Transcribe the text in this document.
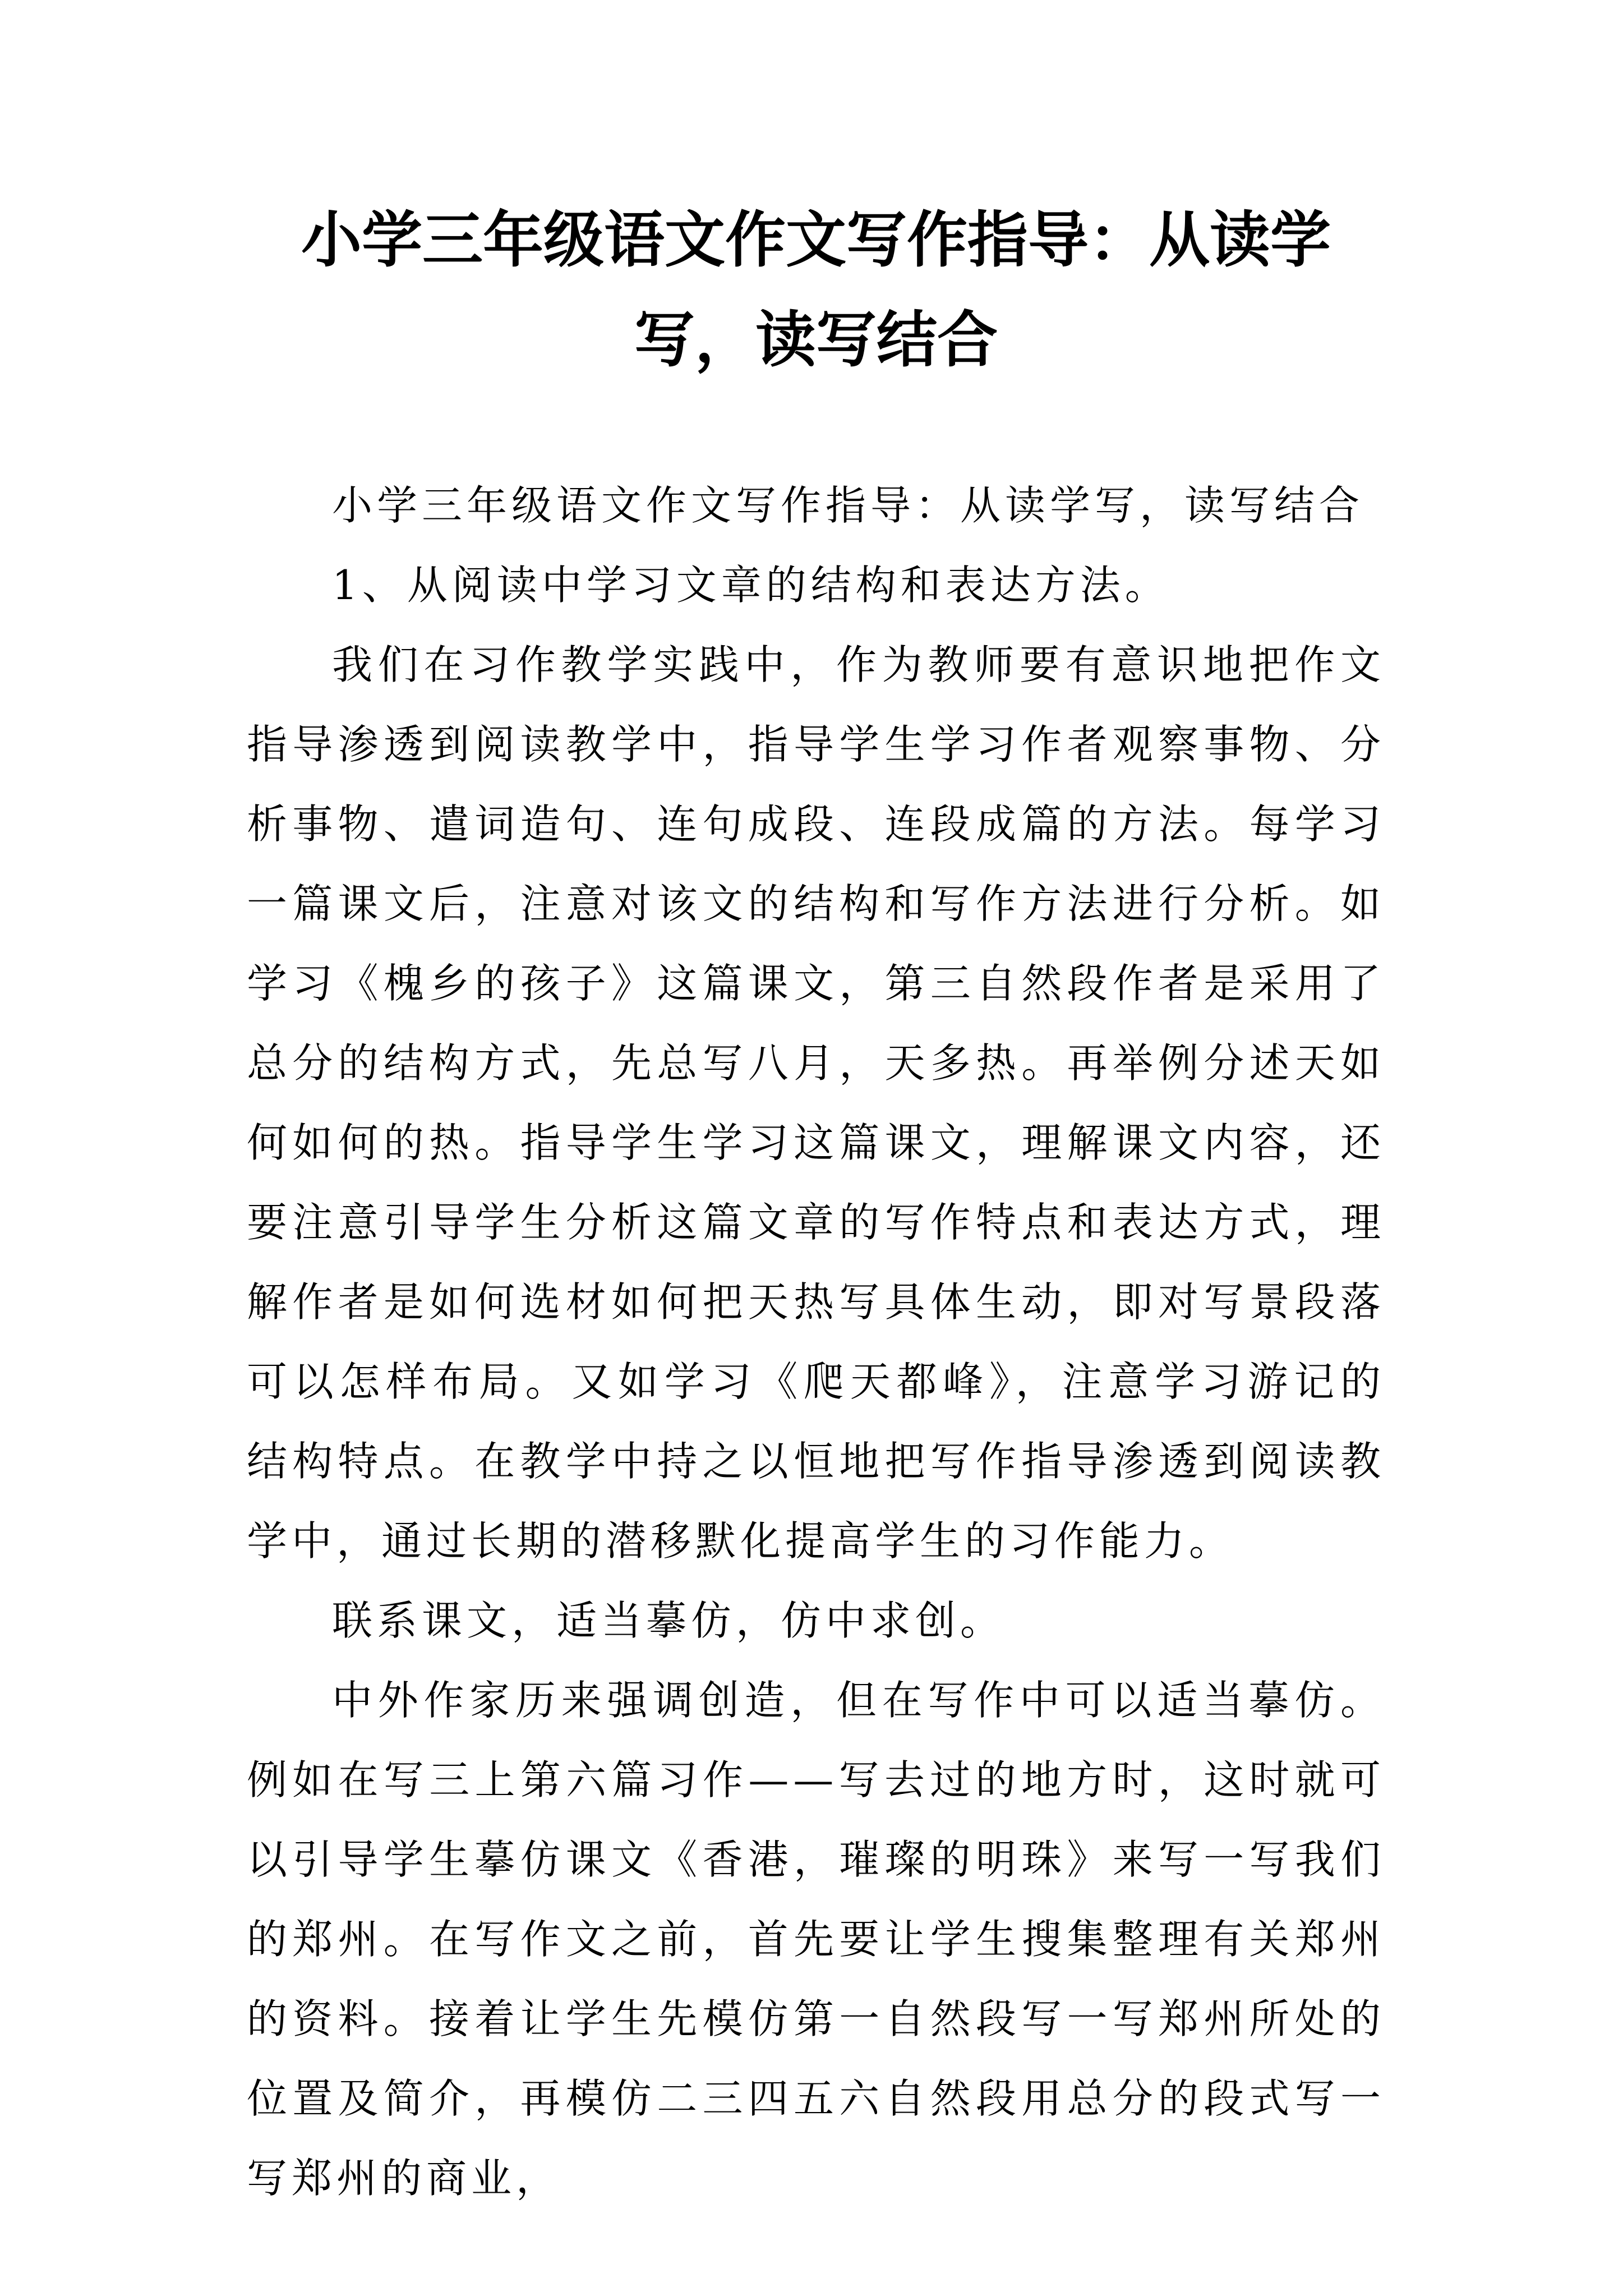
小学三年级语文作文写作指导：从读学写，读写结合

小学三年级语文作文写作指导：从读学写，读写结合

1、从阅读中学习文章的结构和表达方法。

我们在习作教学实践中，作为教师要有意识地把作文指导渗透到阅读教学中，指导学生学习作者观察事物、分析事物、遣词造句、连句成段、连段成篇的方法。每学习一篇课文后，注意对该文的结构和写作方法进行分析。如学习《槐乡的孩子》这篇课文，第三自然段作者是采用了总分的结构方式，先总写八月，天多热。再举例分述天如何如何的热。指导学生学习这篇课文，理解课文内容，还要注意引导学生分析这篇文章的写作特点和表达方式，理解作者是如何选材如何把天热写具体生动，即对写景段落可以怎样布局。又如学习《爬天都峰》，注意学习游记的结构特点。在教学中持之以恒地把写作指导渗透到阅读教学中，通过长期的潜移默化提高学生的习作能力。

联系课文，适当摹仿，仿中求创。

中外作家历来强调创造，但在写作中可以适当摹仿。例如在写三上第六篇习作——写去过的地方时，这时就可以引导学生摹仿课文《香港，璀璨的明珠》来写一写我们的郑州。在写作文之前，首先要让学生搜集整理有关郑州的资料。接着让学生先模仿第一自然段写一写郑州所处的位置及简介，再模仿二三四五六自然段用总分的段式写一写郑州的商业，
